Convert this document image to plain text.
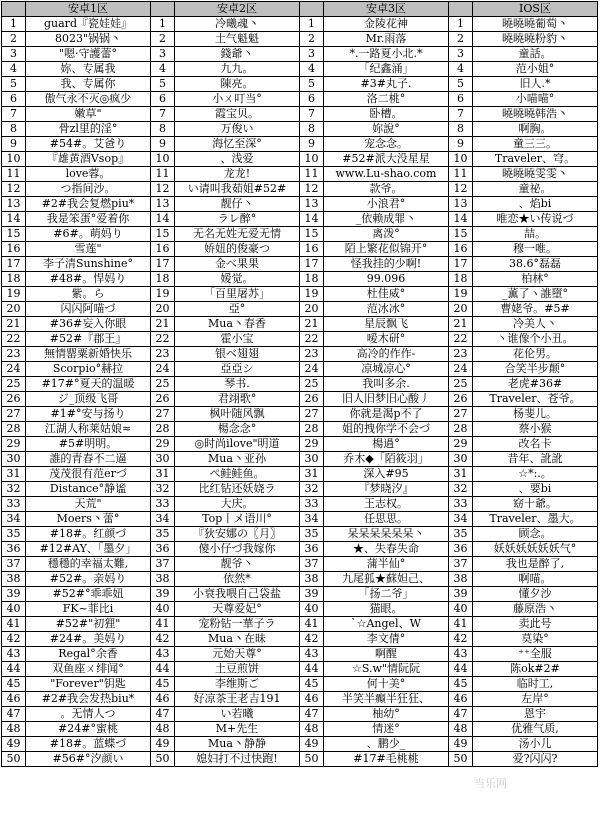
	安卓1区		安卓2区		安卓3区		IOS区
1	guard『瓷娃娃』	1	冷曦魂丶	1	金陵花神	1	曉曉曉葡萄丶
2	8023"锅锅丶	2	土气魁魁	2	Mr.雨落	2	曉曉曉粉豹丶
3	"嗯·守護蕾°	3	錢爺丶	3	*.一路夏小北.*	3	童話。
4	妳、专属我	4	九九。	4	「纪鑫涌」	4	范小姐°
5	我、专属你	5	陳亮。	5	#3#丸子.	5	旧人.*
6	傲气永不灭◎疯少	6	小ㄨ叮当°	6	洛二桃°	6	小喵喵°
7	嫩草"	7	霞宝贝。	7	卧槽。	7	曉曉曉韩浩丶
8	骨zl里的淫°	8	万俊い	8	妳說°	8	啊胸。
9	#54#。艾爸り	9	海忆至深°	9	宠念念。	9	童三三。
10	『雄黄酒Vsop』	10	、浅爱	10	#52#派大没星星	10	Traveler、穹。
11	love蓉。	11	龙龙!	11	www.Lu-shao.com	11	曉曉曉雯雯丶
12	つ指间沙。	12	い请叫我茹姐#52#	12	款爷。	12	童祕。
13	#2#我会复燃piu*	13	靓仔丶	13	小浪君°	13	、焰bi
14	我是笨蛋°爱着你	14	ラレ醉°	14	_依赖成罪丶	14	唯恋★い传说づ
15	#6#。萌妈り	15	无名无姓无爱无情	15	离泼°	15	喆。
16	雪莲"	16	娇妞的俊豪つ	16	陌上繁花似锦开°	16	穆一唯。
17	李子清Sunshine°	17	金べ果果	17	怪我挂的少啊!	17	38.6°磊磊
18	#48#。悍妈り	18	嫒觉。	18	99.096	18	柏林°
19	紫。ら	19	「百里屠苏」	19	杜佳威°	19	_薫了ヽ誰墮°
20	闪闪阿喵づ	20	亞°	20	范冰冰°	20	曹姥爷。#5#
21	#36#妄入你眼	21	Mua丶春香	21	星辰飘飞	21	冷美人丶
22	#52#『郡王』	22	霍小宝	22	嗳木研°	22	丶谁像个小丑。
23	無情罂粟新婚快乐	23	银ベ翅翅	23	高冷的作作-	23	花伦男。
24	Scorpio°赫拉	24	亞亞シ	24	凉城凉心°	24	合笑半步颠°
25	#17#°夏天的温暖	25	琴书.	25	我叫多余.	25	老虎#36#
26	ジ_顶级飞哥	26	君翊歌°	26	旧人旧梦旧心酸丿	26	Traveler、苍爷。
27	#1#°安与扬り	27	枫叶随风飘	27	你就是渴p不了	27	杨斐儿。
28	江湖人称莱姑娘≈	28	楊念念°	28	姐的拽你学不会づ	28	蔡小猴
29	#5#明明。	29	◎时尚ilove"明道	29	楊過°	29	改名卡
30	誰的青春不二逼	30	Mua丶亚孙	30	乔木◆「陌筱羽」	30	昔年、訛訛
31	茂茂很有范erづ	31	ぺ鲑鲑鱼。	31	深入#95	31	☆*:.。
32	Distance°静谧	32	比红钻还妖娆ラ	32	『梦晓汐』	32	、要bi
33	天荒"	33	大庆。	33	王志权。	33	窈十爺。
34	Moers丶蕾°	34	Top丨メ语川°	34	任思思。	34	Traveler、墨大。
35	#18#。红颜づ	35	『狄安娜の〖月〗	35	呆呆呆呆呆呆丶	35	顾念。
36	#12#AY、「墨夕」	36	傻小仔づ我嫁你	36	★、失春失命	36	妖妖妖妖妖妖气°
37	穩穩的幸福太難,	37	靓爷丶	37	蒲半仙°	37	我也是醉了,
38	#52#。亲妈り	38	依然*	38	九尾狐★蘇妲己、	38	啊喵。
39	#52#°乖乖妞	39	小衰我喂自己袋盐	39	「扬二爷」	39	懂夕沙
40	FK~菲比i	40	天尊爱妃°	40	猫眼。	40	藤原浩丶
41	#52#"初狸"	41	宠粉钻一華子ラ	41	`☆Angel、W	41	卖此号
42	#24#。美妈り	42	Mua丶在昧	42	李文倩°	42	莫染°
43	Regal°余香	43	元始天尊°	43	啊醒	43	⁺⁺全服
44	双鱼座ㄨ绯闻°	44	土豆煎饼	44	☆S.w"情阮阮	44	陈ok#2#
45	"Forever"钥匙	45	李维斯ご	45	何十美°	45	临时工,
46	#2#我会发热biu*	46	好凉茶王老吉191	46	半笑半癫半狂狂、	46	左岸°
47	。无情人つ	47	い若曦	47	柚幼°	47	恩宇
48	#24#°蜜桃	48	M+先生	48	情迷°	48	优雅气质,
49	#18#。蓝蝶づ	49	Mua丶静静	49	、鹏少_	49	汤小儿
50	#56#°汐颜い	50	媳妇打不过快跑!	50	#17#毛桃桃	50	爱?闪闪?
当乐网
